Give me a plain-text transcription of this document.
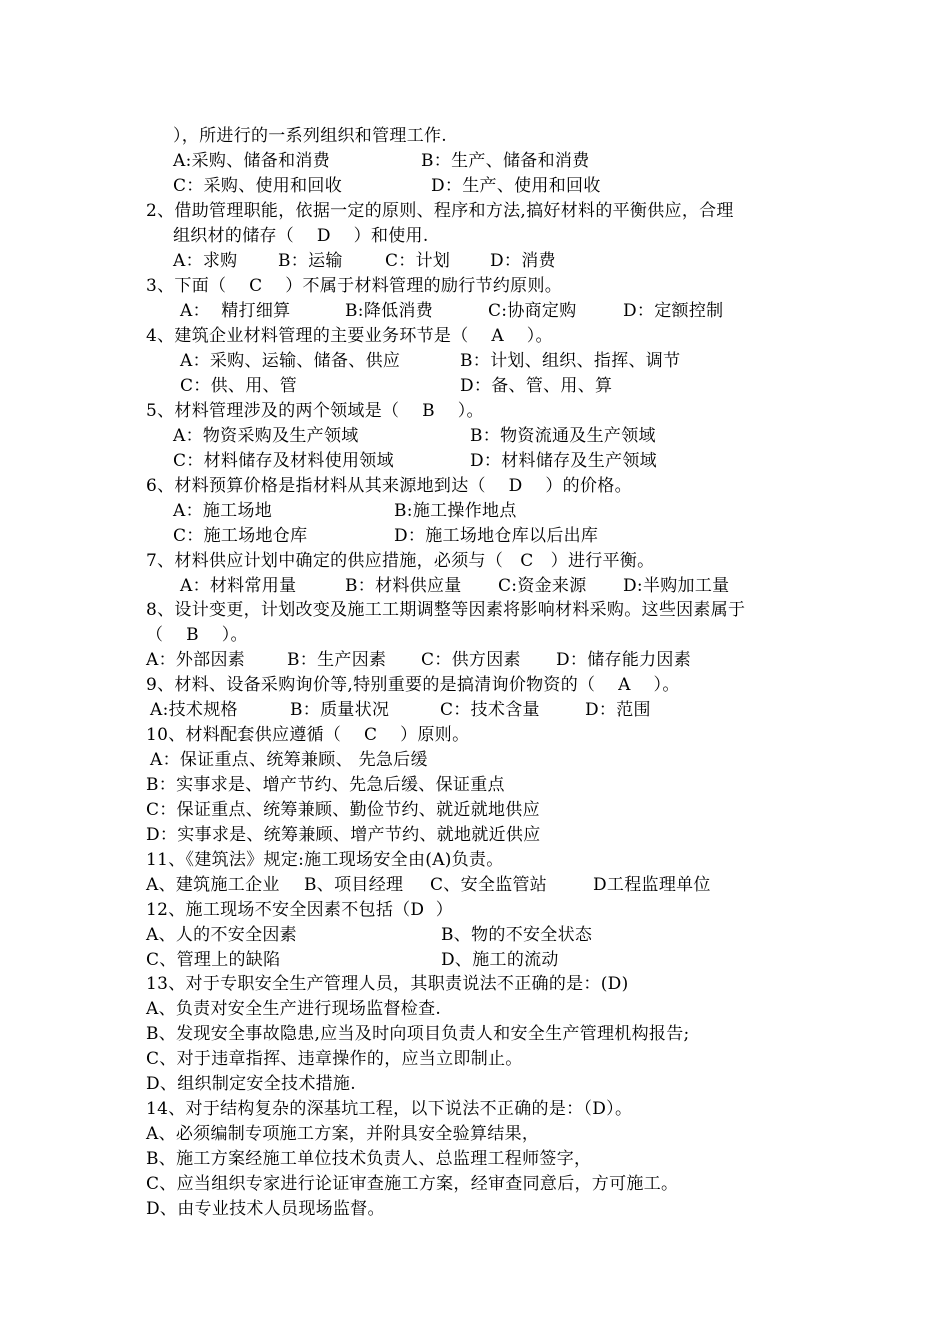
），所进行的一系列组织和管理工作.
A:采购、储备和消费	B：生产、储备和消费
C：采购、使用和回收	D：生产、使用和回收
2、借助管理职能，依据一定的原则、程序和方法,搞好材料的平衡供应，合理
组织材的储存（    D    ）和使用.
A：求购 B：运输 C：计划 D：消费
3、下面（    C    ）不属于材料管理的励行节约原则。
A：  精打细算	B:降低消费	C:协商定购	D：定额控制
4、建筑企业材料管理的主要业务环节是（    A    ）。
A：采购、运输、储备、供应	B：计划、组织、指挥、调节
C：供、用、管	D：备、管、用、算
5、材料管理涉及的两个领域是（    B    ）。
A：物资采购及生产领域	B：物资流通及生产领域
C：材料储存及材料使用领域	D：材料储存及生产领域
6、材料预算价格是指材料从其来源地到达（    D    ）的价格。
A：施工场地	B:施工操作地点
C：施工场地仓库	D：施工场地仓库以后出库
7、材料供应计划中确定的供应措施，必须与（   C   ）进行平衡。
A：材料常用量	B：材料供应量 C:资金来源 D:半购加工量
8、设计变更，计划改变及施工工期调整等因素将影响材料采购。这些因素属于
（    B    ）。
A：外部因素 B：生产因素 C：供方因素 D：储存能力因素
9、材料、设备采购询价等,特别重要的是搞清询价物资的（    A    ）。
A:技术规格	B：质量状况	C：技术含量	D：范围
10、材料配套供应遵循（    C    ）原则。
A：保证重点、统筹兼顾、 先急后缓
B：实事求是、增产节约、先急后缓、保证重点
C：保证重点、统筹兼顾、勤俭节约、就近就地供应
D：实事求是、统筹兼顾、增产节约、就地就近供应
11、《建筑法》规定:施工现场安全由(A)负责。
A、建筑施工企业 B、项目经理 C、安全监管站	D工程监理单位
12、施工现场不安全因素不包括（D  ）
A、人的不安全因素	B、物的不安全状态
C、管理上的缺陷	D、施工的流动
13、对于专职安全生产管理人员，其职责说法不正确的是：(D)
A、负责对安全生产进行现场监督检查.
B、发现安全事故隐患,应当及时向项目负责人和安全生产管理机构报告;
C、对于违章指挥、违章操作的，应当立即制止。
D、组织制定安全技术措施.
14、对于结构复杂的深基坑工程，以下说法不正确的是：（D）。
A、必须编制专项施工方案，并附具安全验算结果，
B、施工方案经施工单位技术负责人、总监理工程师签字，
C、应当组织专家进行论证审查施工方案，经审查同意后，方可施工。
D、由专业技术人员现场监督。
